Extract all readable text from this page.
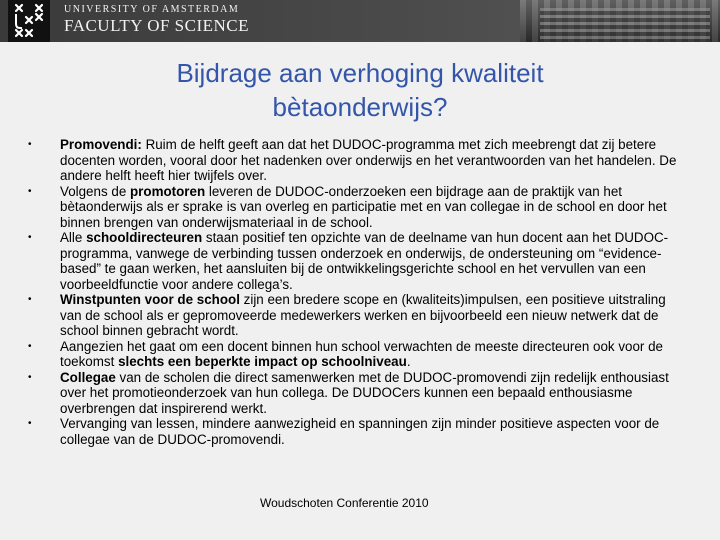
UNIVERSITY OF AMSTERDAM
FACULTY OF SCIENCE
Bijdrage aan verhoging kwaliteit
bètaonderwijs?
•	Promovendi: Ruim de helft geeft aan dat het DUDOC-programma met zich meebrengt dat zij betere docenten worden, vooral door het nadenken over onderwijs en het verantwoorden van het handelen. De andere helft heeft hier twijfels over.
•	Volgens de promotoren leveren de DUDOC-onderzoeken een bijdrage aan de praktijk van het bètaonderwijs als er sprake is van overleg en participatie met en van collegae in de school en door het binnen brengen van onderwijsmateriaal in de school.
•	Alle schooldirecteuren staan positief ten opzichte van de deelname van hun docent aan het DUDOC-programma, vanwege de verbinding tussen onderzoek en onderwijs, de ondersteuning om “evidence-based” te gaan werken, het aansluiten bij de ontwikkelingsgerichte school en het vervullen van een voorbeeldfunctie voor andere collega’s.
•	Winstpunten voor de school zijn een bredere scope en (kwaliteits)impulsen, een positieve uitstraling van de school als er gepromoveerde medewerkers werken en bijvoorbeeld een nieuw netwerk dat de school binnen gebracht wordt.
•	Aangezien het gaat om een docent binnen hun school verwachten de meeste directeuren ook voor de toekomst slechts een beperkte impact op schoolniveau.
•	Collegae van de scholen die direct samenwerken met de DUDOC-promovendi zijn redelijk enthousiast over het promotieonderzoek van hun collega. De DUDOCers kunnen een bepaald enthousiasme overbrengen dat inspirerend werkt.
•	Vervanging van lessen, mindere aanwezigheid en spanningen zijn minder positieve aspecten voor de collegae van de DUDOC-promovendi.
Woudschoten Conferentie 2010
